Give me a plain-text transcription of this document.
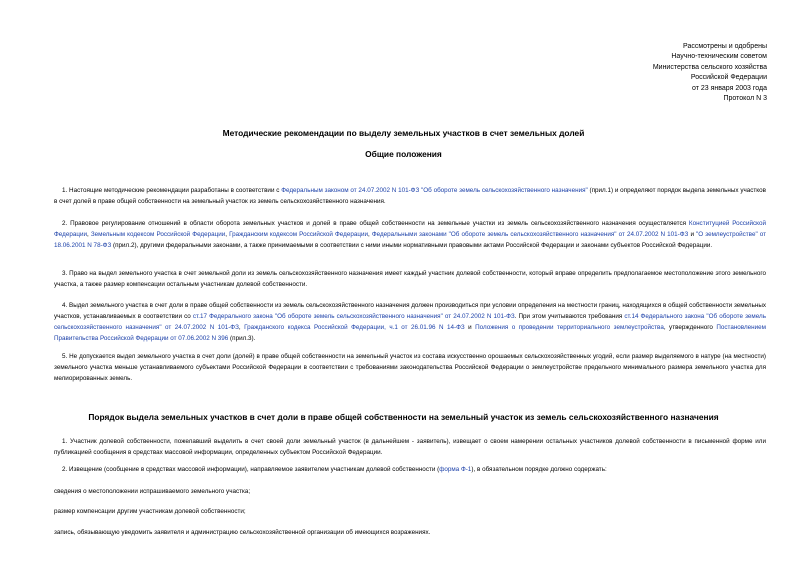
Рассмотрены и одобрены
Научно-техническим советом
Министерства сельского хозяйства
Российской Федерации
от 23 января 2003 года
Протокол N 3
Методические рекомендации по выделу земельных участков в счет земельных долей
Общие положения
1. Настоящие методические рекомендации разработаны в соответствии с Федеральным законом от 24.07.2002 N 101-ФЗ "Об обороте земель сельскохозяйственного назначения" (прил.1) и определяют порядок выдела земельных участков в счет долей в праве общей собственности на земельный участок из земель сельскохозяйственного назначения.
2. Правовое регулирование отношений в области оборота земельных участков и долей в праве общей собственности на земельные участки из земель сельскохозяйственного назначения осуществляется Конституцией Российской Федерации, Земельным кодексом Российской Федерации, Гражданским кодексом Российской Федерации, Федеральными законами "Об обороте земель сельскохозяйственного назначения" от 24.07.2002 N 101-ФЗ и "О землеустройстве" от 18.06.2001 N 78-ФЗ (прил.2), другими федеральными законами, а также принимаемыми в соответствии с ними иными нормативными правовыми актами Российской Федерации и законами субъектов Российской Федерации.
3. Право на выдел земельного участка в счет земельной доли из земель сельскохозяйственного назначения имеет каждый участник долевой собственности, который вправе определить предполагаемое местоположение этого земельного участка, а также размер компенсации остальным участникам долевой собственности.
4. Выдел земельного участка в счет доли в праве общей собственности из земель сельскохозяйственного назначения должен производиться при условии определения на местности границ, находящихся в общей собственности земельных участков, устанавливаемых в соответствии со ст.17 Федерального закона "Об обороте земель сельскохозяйственного назначения" от 24.07.2002 N 101-ФЗ. При этом учитываются требования ст.14 Федерального закона "Об обороте земель сельскохозяйственного назначения" от 24.07.2002 N 101-ФЗ, Гражданского кодекса Российской Федерации, ч.1 от 26.01.96 N 14-ФЗ и Положения о проведении территориального землеустройства, утвержденного Постановлением Правительства Российской Федерации от 07.06.2002 N 396 (прил.3).
5. Не допускается выдел земельного участка в счет доли (долей) в праве общей собственности на земельный участок из состава искусственно орошаемых сельскохозяйственных угодий, если размер выделяемого в натуре (на местности) земельного участка меньше устанавливаемого субъектами Российской Федерации в соответствии с требованиями законодательства Российской Федерации о землеустройстве предельного минимального размера земельного участка для мелиорированных земель.
Порядок выдела земельных участков в счет доли в праве общей собственности на земельный участок из земель сельскохозяйственного назначения
1. Участник долевой собственности, пожелавший выделить в счет своей доли земельный участок (в дальнейшем - заявитель), извещает о своем намерении остальных участников долевой собственности в письменной форме или публикацией сообщения в средствах массовой информации, определенных субъектом Российской Федерации.
2. Извещение (сообщение в средствах массовой информации), направляемое заявителем участникам долевой собственности (форма Ф-1), в обязательном порядке должно содержать:
сведения о местоположении испрашиваемого земельного участка;
размер компенсации другим участникам долевой собственности;
запись, обязывающую уведомить заявителя и администрацию сельскохозяйственной организации об имеющихся возражениях.
